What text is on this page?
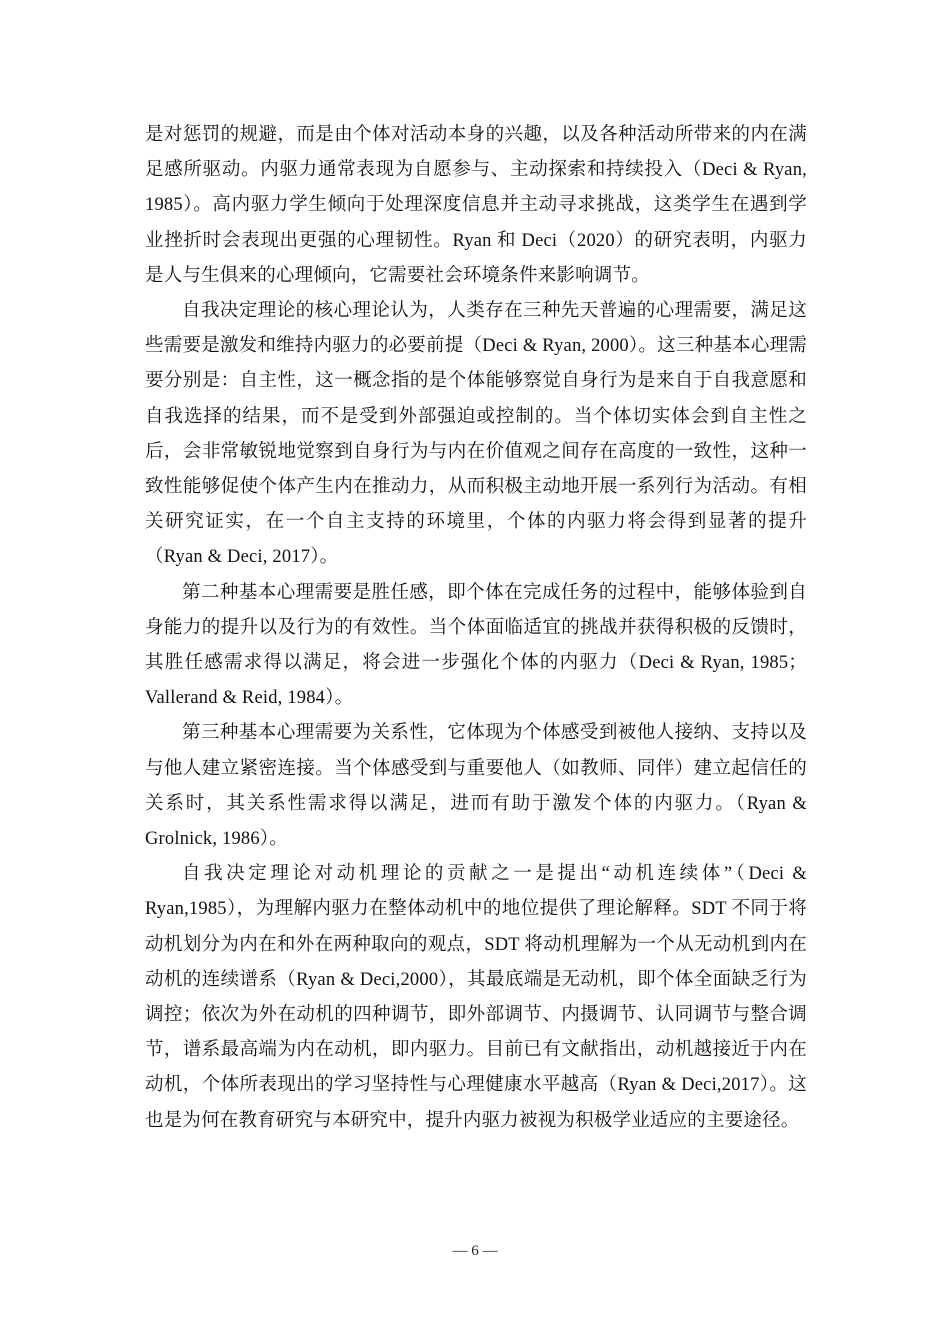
是对惩罚的规避，而是由个体对活动本身的兴趣，以及各种活动所带来的内在满足感所驱动。内驱力通常表现为自愿参与、主动探索和持续投入（Deci & Ryan, 1985）。高内驱力学生倾向于处理深度信息并主动寻求挑战，这类学生在遇到学业挫折时会表现出更强的心理韧性。Ryan 和 Deci（2020）的研究表明，内驱力是人与生俱来的心理倾向，它需要社会环境条件来影响调节。

自我决定理论的核心理论认为，人类存在三种先天普遍的心理需要，满足这些需要是激发和维持内驱力的必要前提（Deci & Ryan, 2000）。这三种基本心理需要分别是：自主性，这一概念指的是个体能够察觉自身行为是来自于自我意愿和自我选择的结果，而不是受到外部强迫或控制的。当个体切实体会到自主性之后，会非常敏锐地觉察到自身行为与内在价值观之间存在高度的一致性，这种一致性能够促使个体产生内在推动力，从而积极主动地开展一系列行为活动。有相关研究证实，在一个自主支持的环境里，个体的内驱力将会得到显著的提升（Ryan & Deci, 2017）。

第二种基本心理需要是胜任感，即个体在完成任务的过程中，能够体验到自身能力的提升以及行为的有效性。当个体面临适宜的挑战并获得积极的反馈时，其胜任感需求得以满足，将会进一步强化个体的内驱力（Deci & Ryan, 1985；Vallerand & Reid, 1984）。

第三种基本心理需要为关系性，它体现为个体感受到被他人接纳、支持以及与他人建立紧密连接。当个体感受到与重要他人（如教师、同伴）建立起信任的关系时，其关系性需求得以满足，进而有助于激发个体的内驱力。（Ryan & Grolnick, 1986）。

自我决定理论对动机理论的贡献之一是提出“动机连续体”（Deci & Ryan,1985），为理解内驱力在整体动机中的地位提供了理论解释。SDT 不同于将动机划分为内在和外在两种取向的观点，SDT 将动机理解为一个从无动机到内在动机的连续谱系（Ryan & Deci,2000），其最底端是无动机，即个体全面缺乏行为调控；依次为外在动机的四种调节，即外部调节、内摄调节、认同调节与整合调节，谱系最高端为内在动机，即内驱力。目前已有文献指出，动机越接近于内在动机，个体所表现出的学习坚持性与心理健康水平越高（Ryan & Deci,2017）。这也是为何在教育研究与本研究中，提升内驱力被视为积极学业适应的主要途径。

— 6 —
